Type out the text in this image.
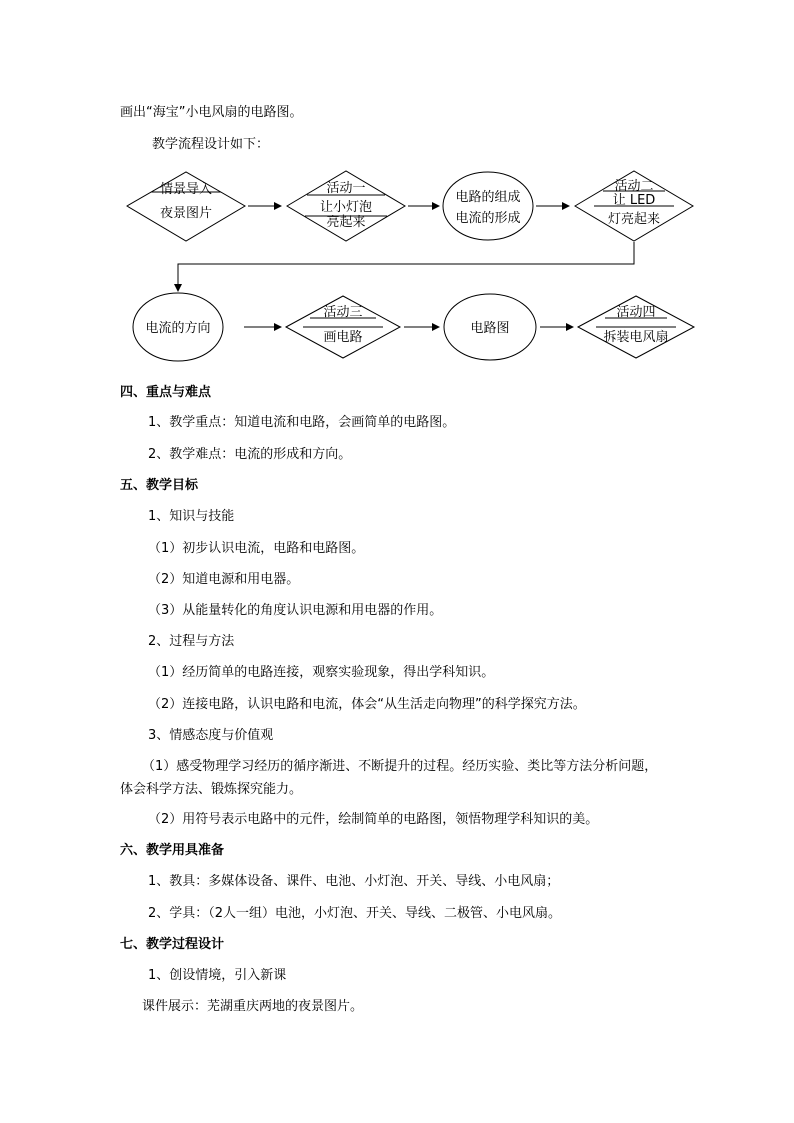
画出“海宝”小电风扇的电路图。
教学流程设计如下：
情景导入
夜景图片
活动一
让小灯泡
亮起来
电路的组成
电流的形成
活动二
让 LED
灯亮起来
电流的方向
活动三
画电路
电路图
活动四
拆装电风扇
四、重点与难点
1、教学重点：知道电流和电路，会画简单的电路图。
2、教学难点：电流的形成和方向。
五、教学目标
1、知识与技能
（1）初步认识电流，电路和电路图。
（2）知道电源和用电器。
（3）从能量转化的角度认识电源和用电器的作用。
2、过程与方法
（1）经历简单的电路连接，观察实验现象，得出学科知识。
（2）连接电路，认识电路和电流，体会“从生活走向物理”的科学探究方法。
3、情感态度与价值观
（1）感受物理学习经历的循序渐进、不断提升的过程。经历实验、类比等方法分析问题，
体会科学方法、锻炼探究能力。
（2）用符号表示电路中的元件，绘制简单的电路图，领悟物理学科知识的美。
六、教学用具准备
1、教具：多媒体设备、课件、电池、小灯泡、开关、导线、小电风扇；
2、学具：（2人一组）电池，小灯泡、开关、导线、二极管、小电风扇。
七、教学过程设计
1、创设情境，引入新课
课件展示：芜湖重庆两地的夜景图片。
